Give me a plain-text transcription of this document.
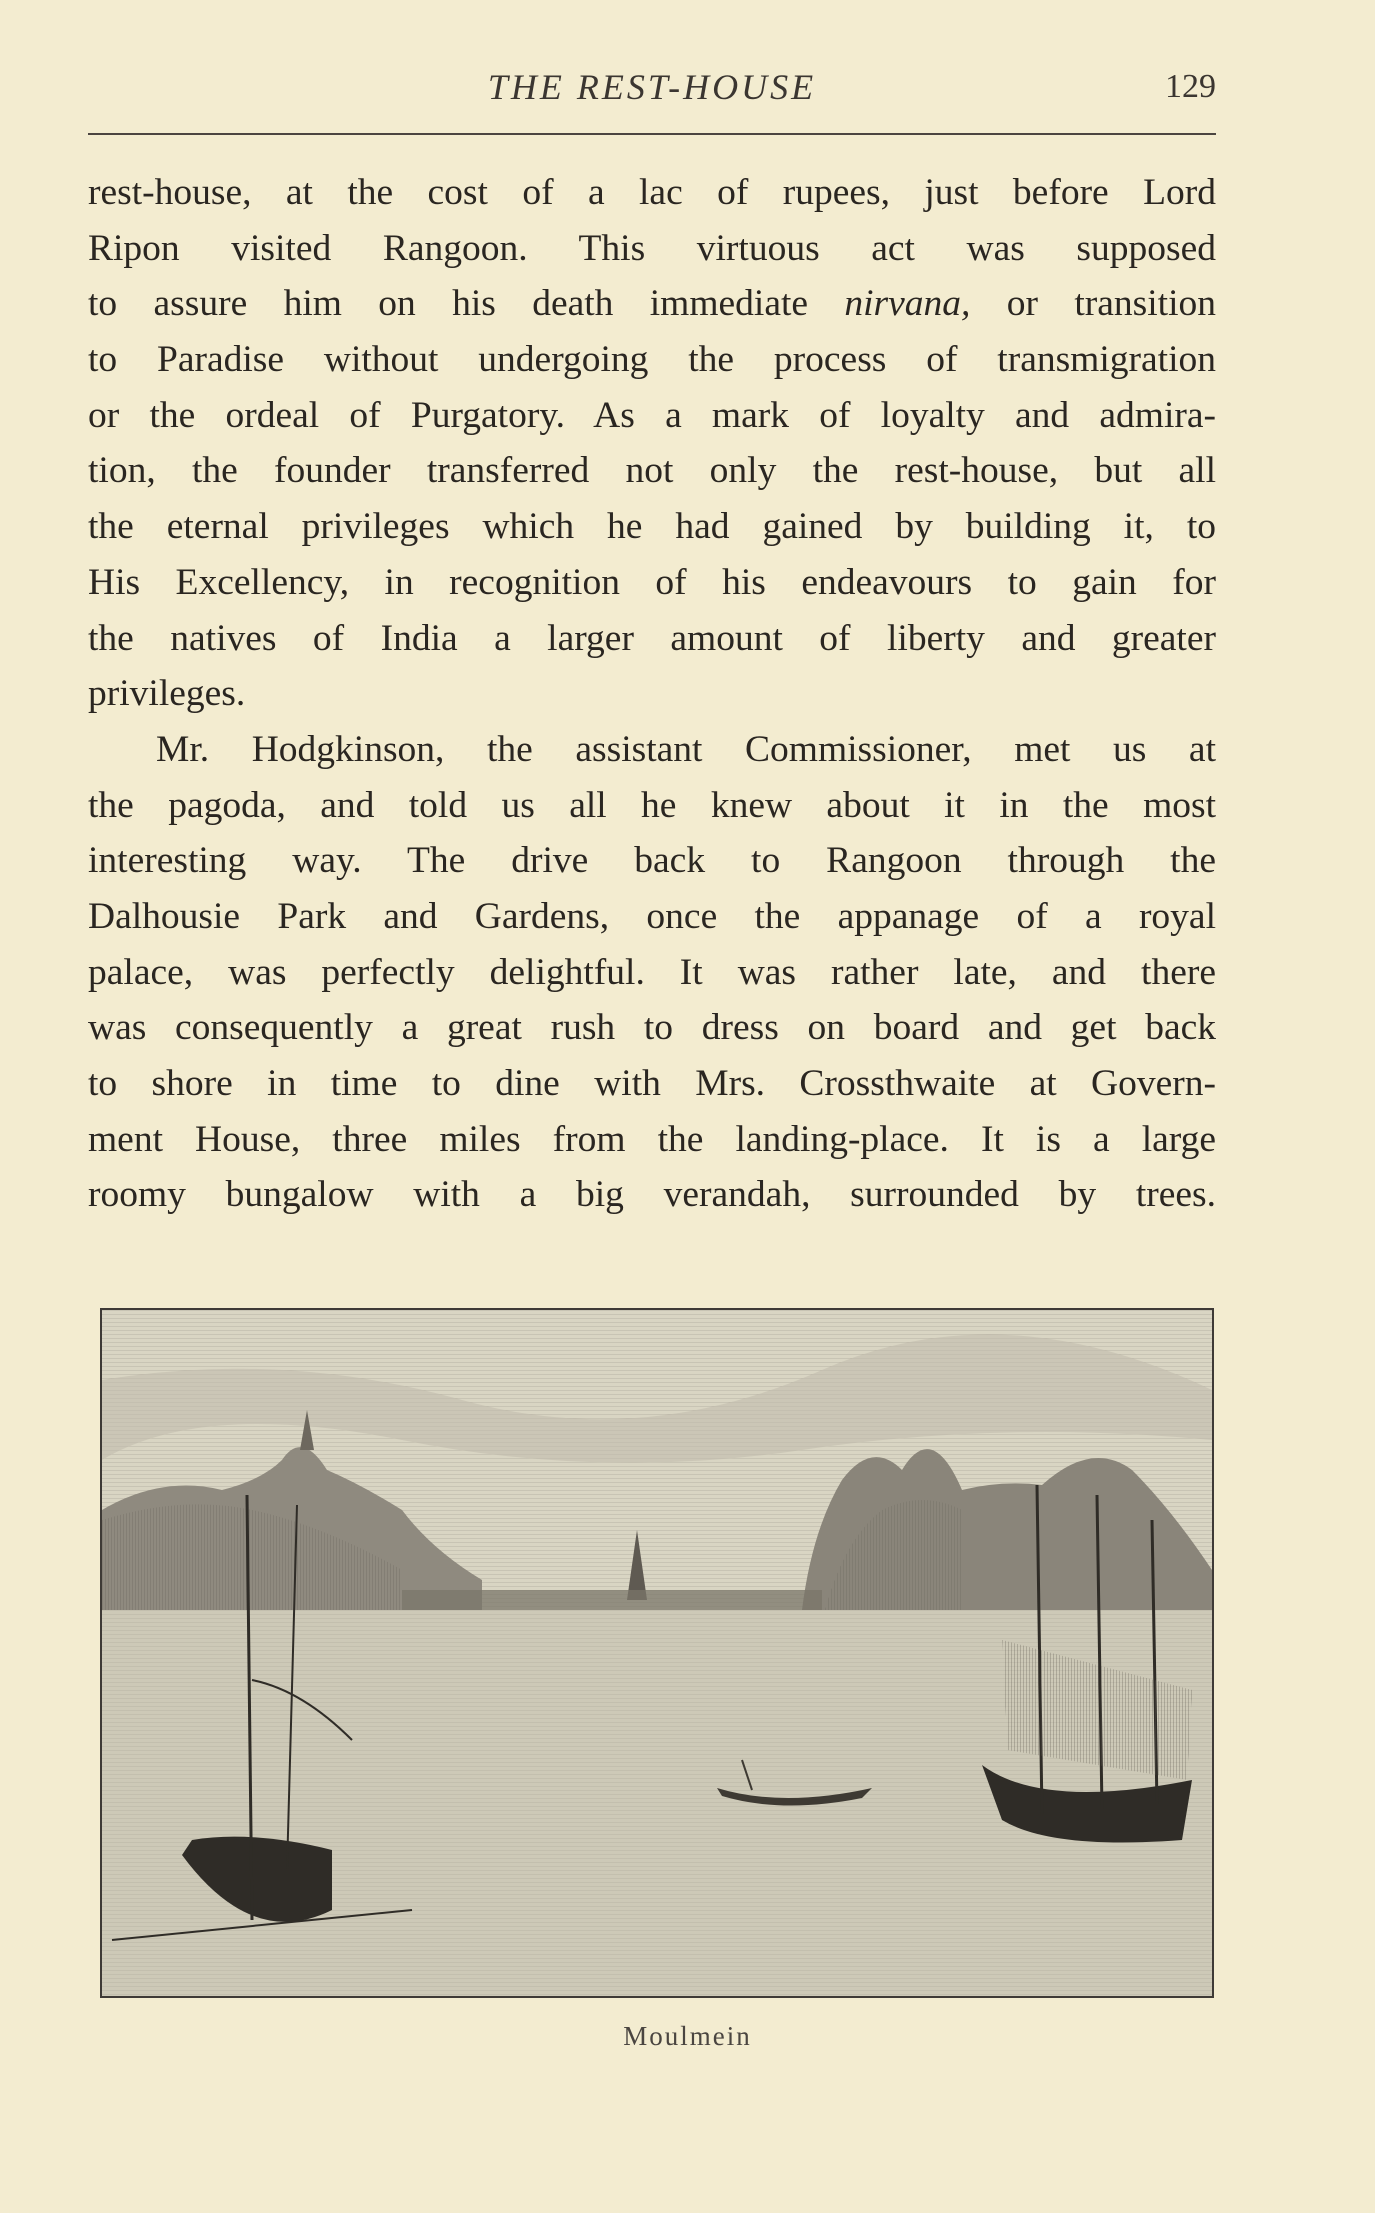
THE REST-HOUSE	129
rest-house, at the cost of a lac of rupees, just before Lord
Ripon visited Rangoon. This virtuous act was supposed
to assure him on his death immediate nirvana, or transition
to Paradise without undergoing the process of transmigration
or the ordeal of Purgatory. As a mark of loyalty and admira-
tion, the founder transferred not only the rest-house, but all
the eternal privileges which he had gained by building it, to
His Excellency, in recognition of his endeavours to gain for
the natives of India a larger amount of liberty and greater
privileges.
Mr. Hodgkinson, the assistant Commissioner, met us at
the pagoda, and told us all he knew about it in the most
interesting way. The drive back to Rangoon through the
Dalhousie Park and Gardens, once the appanage of a royal
palace, was perfectly delightful. It was rather late, and there
was consequently a great rush to dress on board and get back
to shore in time to dine with Mrs. Crossthwaite at Govern-
ment House, three miles from the landing-place. It is a large
roomy bungalow with a big verandah, surrounded by trees.
Moulmein
